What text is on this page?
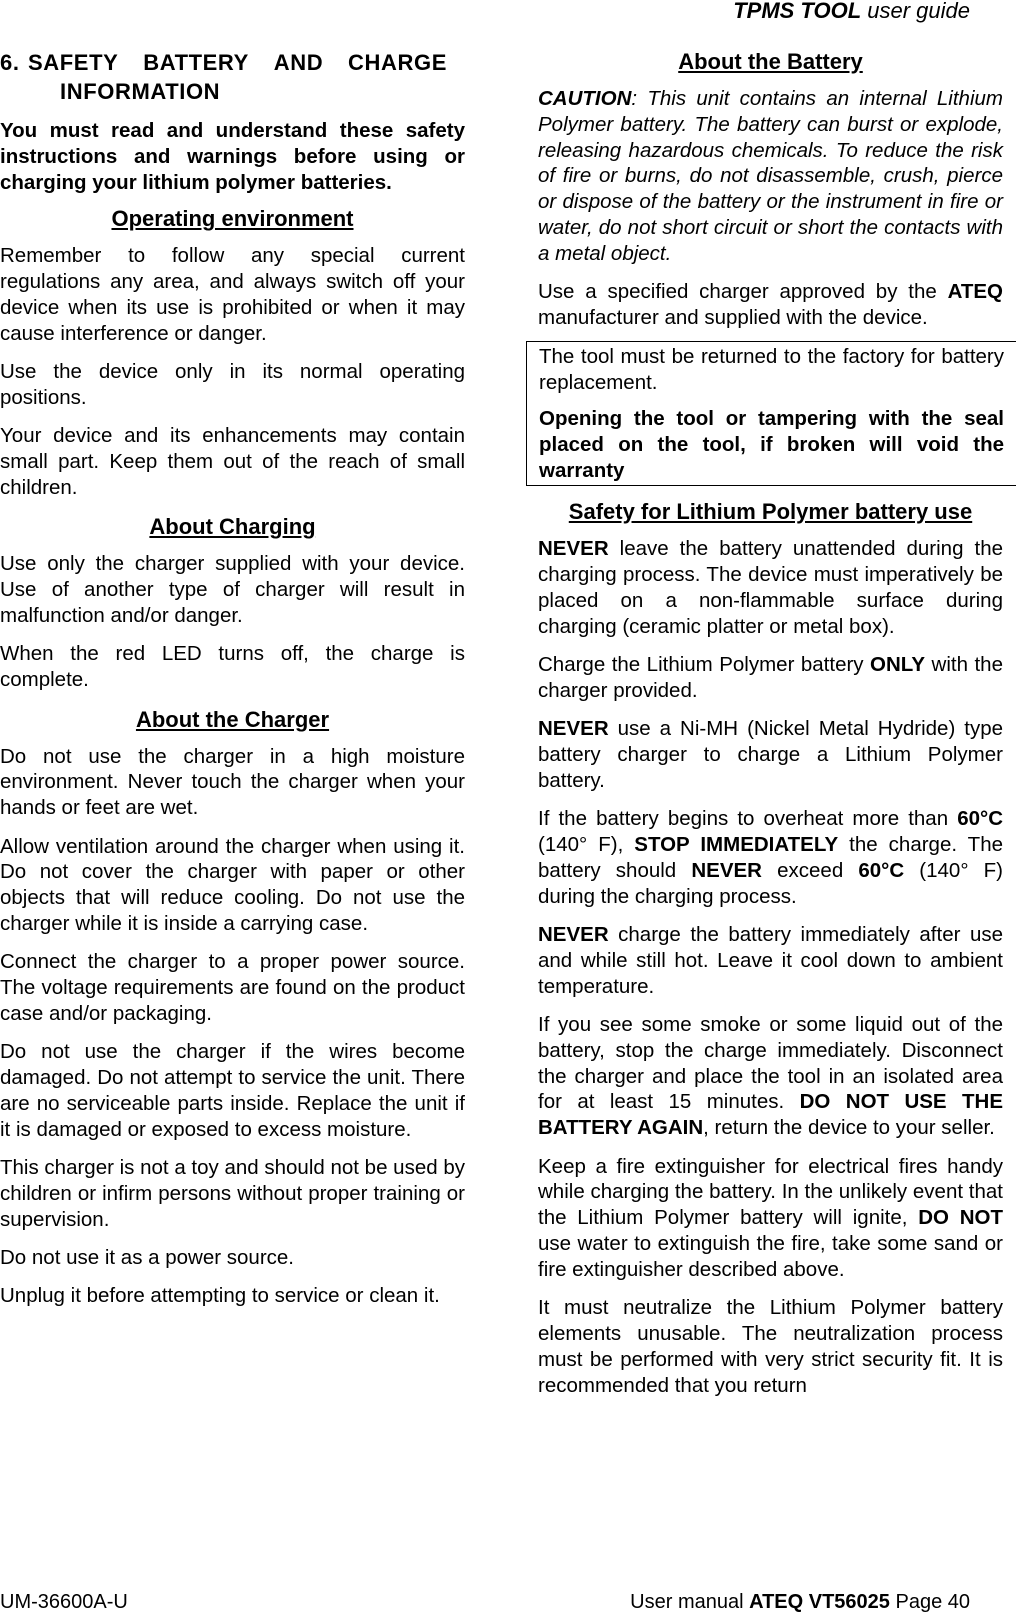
TPMS TOOL user guide
6. SAFETY BATTERY AND CHARGE
INFORMATION

You must read and understand these safety instructions and warnings before using or charging your lithium polymer batteries.

Operating environment

Remember to follow any special current regulations any area, and always switch off your device when its use is prohibited or when it may cause interference or danger.

Use the device only in its normal operating positions.

Your device and its enhancements may contain small part. Keep them out of the reach of small children.

About Charging

Use only the charger supplied with your device. Use of another type of charger will result in malfunction and/or danger.

When the red LED turns off, the charge is complete.

About the Charger

Do not use the charger in a high moisture environment. Never touch the charger when your hands or feet are wet.

Allow ventilation around the charger when using it. Do not cover the charger with paper or other objects that will reduce cooling. Do not use the charger while it is inside a carrying case.

Connect the charger to a proper power source. The voltage requirements are found on the product case and/or packaging.

Do not use the charger if the wires become damaged. Do not attempt to service the unit. There are no serviceable parts inside. Replace the unit if it is damaged or exposed to excess moisture.

This charger is not a toy and should not be used by children or infirm persons without proper training or supervision.

Do not use it as a power source.

Unplug it before attempting to service or clean it.

About the Battery

CAUTION: This unit contains an internal Lithium Polymer battery. The battery can burst or explode, releasing hazardous chemicals. To reduce the risk of fire or burns, do not disassemble, crush, pierce or dispose of the battery or the instrument in fire or water, do not short circuit or short the contacts with a metal object.

Use a specified charger approved by the ATEQ manufacturer and supplied with the device.

The tool must be returned to the factory for battery replacement.

Opening the tool or tampering with the seal placed on the tool, if broken will void the warranty

Safety for Lithium Polymer battery use

NEVER leave the battery unattended during the charging process. The device must imperatively be placed on a non-flammable surface during charging (ceramic platter or metal box).

Charge the Lithium Polymer battery ONLY with the charger provided.

NEVER use a Ni-MH (Nickel Metal Hydride) type battery charger to charge a Lithium Polymer battery.

If the battery begins to overheat more than 60°C (140° F), STOP IMMEDIATELY the charge. The battery should NEVER exceed 60°C (140° F) during the charging process.

NEVER charge the battery immediately after use and while still hot. Leave it cool down to ambient temperature.

If you see some smoke or some liquid out of the battery, stop the charge immediately. Disconnect the charger and place the tool in an isolated area for at least 15 minutes. DO NOT USE THE BATTERY AGAIN, return the device to your seller.

Keep a fire extinguisher for electrical fires handy while charging the battery. In the unlikely event that the Lithium Polymer battery will ignite, DO NOT use water to extinguish the fire, take some sand or fire extinguisher described above.

It must neutralize the Lithium Polymer battery elements unusable. The neutralization process must be performed with very strict security fit. It is recommended that you return

UM-36600A-U	User manual ATEQ VT56025 Page 40
